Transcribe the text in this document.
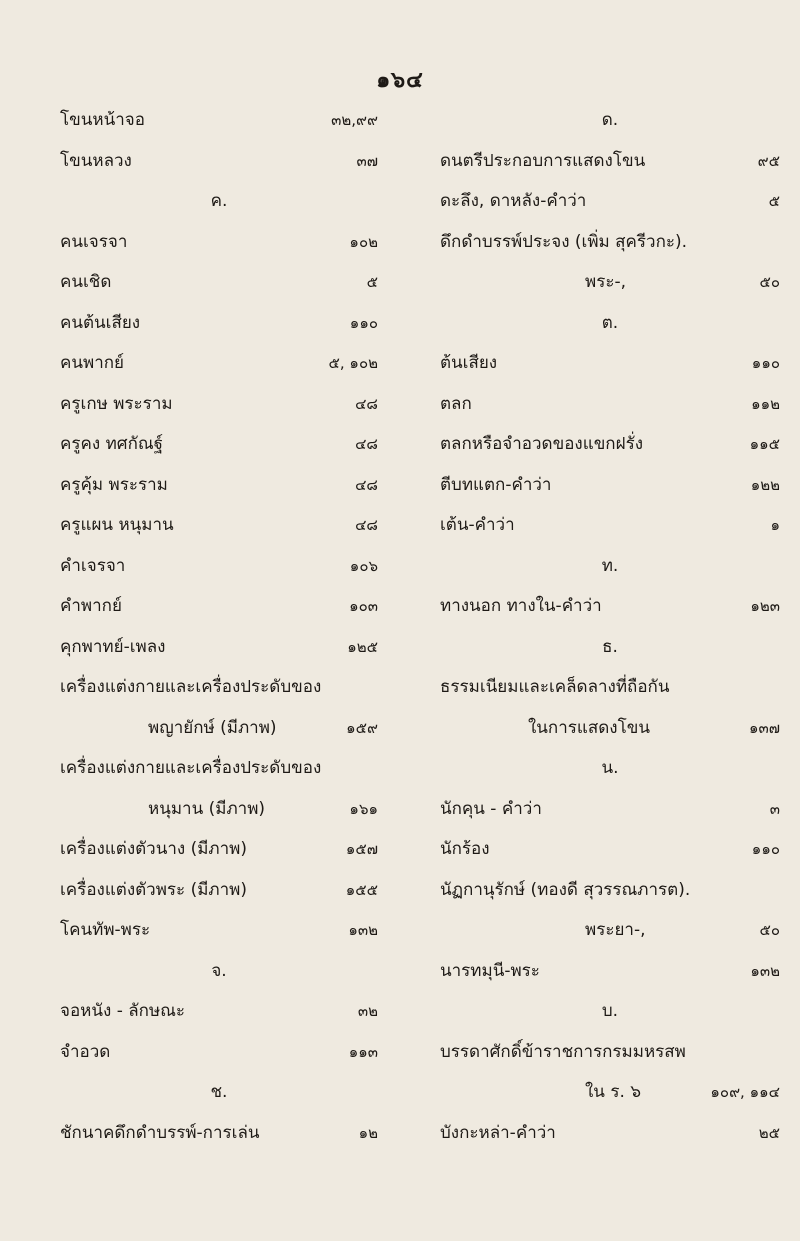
๑๖๔
โขนหน้าจอ	๓๒,๙๙
โขนหลวง	๓๗
ค.
คนเจรจา	๑๐๒
คนเชิด	๕
คนต้นเสียง	๑๑๐
คนพากย์	๕, ๑๐๒
ครูเกษ พระราม	๔๘
ครูคง ทศกัณฐ์	๔๘
ครูคุ้ม พระราม	๔๘
ครูแผน หนุมาน	๔๘
คำเจรจา	๑๐๖
คำพากย์	๑๐๓
คุกพาทย์-เพลง	๑๒๕
เครื่องแต่งกายและเครื่องประดับของ
พญายักษ์ (มีภาพ)	๑๕๙
เครื่องแต่งกายและเครื่องประดับของ
หนุมาน (มีภาพ)	๑๖๑
เครื่องแต่งตัวนาง (มีภาพ)	๑๕๗
เครื่องแต่งตัวพระ (มีภาพ)	๑๕๕
โคนทัพ-พระ	๑๓๒
จ.
จอหนัง - ลักษณะ	๓๒
จำอวด	๑๑๓
ช.
ชักนาคดึกดำบรรพ์-การเล่น	๑๒
ด.
ดนตรีประกอบการแสดงโขน	๙๕
ดะลึง, ดาหลัง-คำว่า	๕
ดึกดำบรรพ์ประจง (เพิ่ม สุครีวกะ).
พระ-,	๕๐
ต.
ต้นเสียง	๑๑๐
ตลก	๑๑๒
ตลกหรือจำอวดของแขกฝรั่ง	๑๑๕
ตีบทแตก-คำว่า	๑๒๒
เต้น-คำว่า	๑
ท.
ทางนอก ทางใน-คำว่า	๑๒๓
ธ.
ธรรมเนียมและเคล็ดลางที่ถือกัน
ในการแสดงโขน	๑๓๗
น.
นักคุน - คำว่า	๓
นักร้อง	๑๑๐
นัฏกานุรักษ์ (ทองดี สุวรรณภารต).
พระยา-,	๕๐
นารทมุนี-พระ	๑๓๒
บ.
บรรดาศักดิ์ข้าราชการกรมมหรสพ
ใน ร. ๖	๑๐๙, ๑๑๔
บังกะหล่า-คำว่า	๒๕
